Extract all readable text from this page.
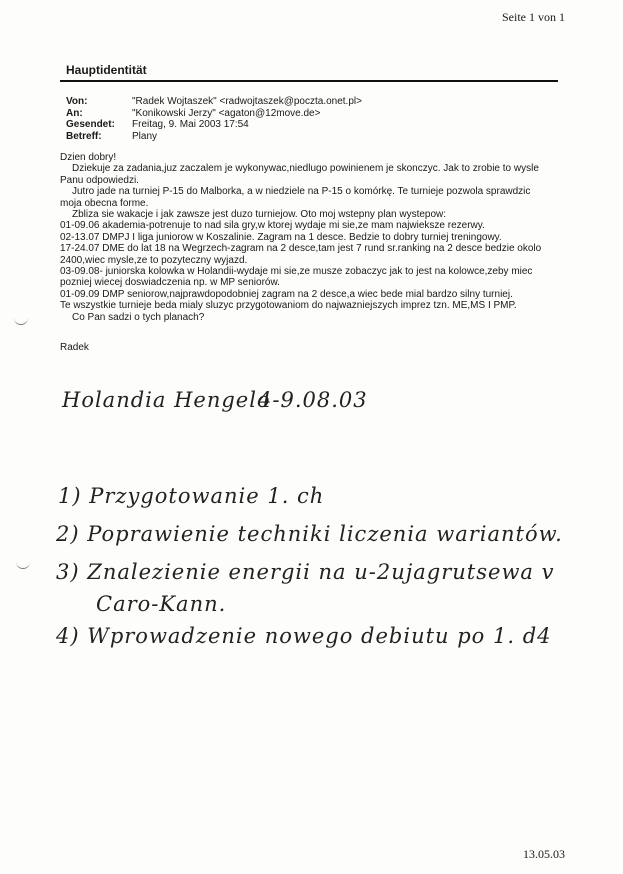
Seite 1 von 1
Hauptidentität
Von:	"Radek Wojtaszek" <radwojtaszek@poczta.onet.pl>
An:	"Konikowski Jerzy" <agaton@12move.de>
Gesendet:	Freitag, 9. Mai 2003 17:54
Betreff:	Plany
Dzien dobry!
Dziekuje za zadania,juz zaczalem je wykonywac,niedlugo powinienem je skonczyc. Jak to zrobie to wysle
Panu odpowiedzi.
Jutro jade na turniej P-15 do Malborka, a w niedziele na P-15 o komórkę. Te turnieje pozwola sprawdzic
moja obecna forme.
Zbliza sie wakacje i jak zawsze jest duzo turniejow. Oto moj wstepny plan wystepow:
01-09.06 akademia-potrenuje to nad sila gry,w ktorej wydaje mi sie,ze mam najwieksze rezerwy.
02-13.07 DMPJ I liga juniorow w Koszalinie. Zagram na 1 desce. Bedzie to dobry turniej treningowy.
17-24.07 DME do lat 18 na Wegrzech-zagram na 2 desce,tam jest 7 rund sr.ranking na 2 desce bedzie okolo
2400,wiec mysle,ze to pozyteczny wyjazd.
03-09.08- juniorska kolowka w Holandii-wydaje mi sie,ze musze zobaczyc jak to jest na kolowce,zeby miec
pozniej wiecej doswiadczenia np. w MP seniorów.
01-09.09 DMP seniorow,najprawdopodobniej zagram na 2 desce,a wiec bede mial bardzo silny turniej.
Te wszystkie turnieje beda mialy sluzyc przygotowaniom do najwazniejszych imprez tzn. ME,MS I PMP.
Co Pan sadzi o tych planach?
Radek
Holandia Hengelo
4-9.08.03
1) Przygotowanie 1. ch
2) Poprawienie techniki liczenia wariantów.
3) Znalezienie energii na u-2ujagrutsewa v
Caro-Kann.
4) Wprowadzenie nowego debiutu po 1. d4
13.05.03
